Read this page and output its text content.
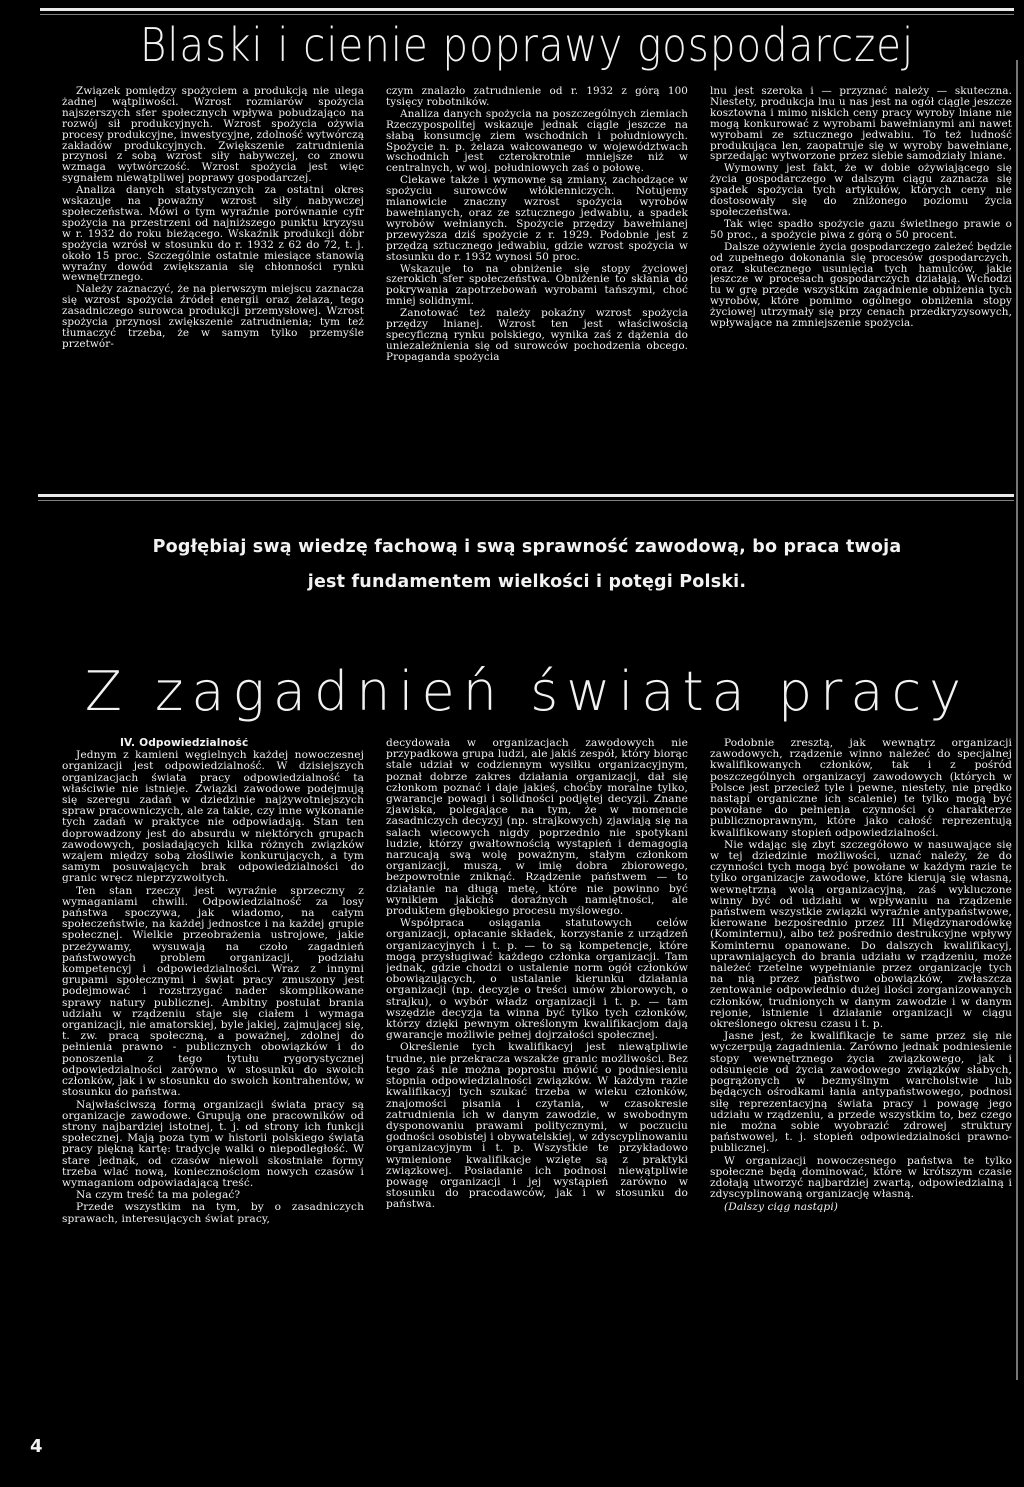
Blaski i cienie poprawy gospodarczej

Związek pomiędzy spożyciem a produkcją nie ulega żadnej wątpliwości. Wzrost rozmiarów spożycia najszerszych sfer społecznych wpływa pobudzająco na rozwój sił produkcyjnych. Wzrost spożycia ożywia procesy produkcyjne, inwestycyjne, zdolność wytwórczą zakładów produkcyjnych. Zwiększenie zatrudnienia przynosi z sobą wzrost siły nabywczej, co znowu wzmaga wytwórczość. Wzrost spożycia jest więc sygnałem niewątpliwej poprawy gospodarczej.

Analiza danych statystycznych za ostatni okres wskazuje na poważny wzrost siły nabywczej społeczeństwa. Mówi o tym wyraźnie porównanie cyfr spożycia na przestrzeni od najniższego punktu kryzysu w r. 1932 do roku bieżącego. Wskaźnik produkcji dóbr spożycia wzrósł w stosunku do r. 1932 z 62 do 72, t. j. około 15 proc. Szczególnie ostatnie miesiące stanowią wyraźny dowód zwiększania się chłonności rynku wewnętrznego.

Należy zaznaczyć, że na pierwszym miejscu zaznacza się wzrost spożycia źródeł energii oraz żelaza, tego zasadniczego surowca produkcji przemysłowej. Wzrost spożycia przynosi zwiększenie zatrudnienia; tym też tłumaczyć trzeba, że w samym tylko przemyśle przetwór-

czym znalazło zatrudnienie od r. 1932 z górą 100 tysięcy robotników.

Analiza danych spożycia na poszczególnych ziemiach Rzeczypospolitej wskazuje jednak ciągle jeszcze na słabą konsumcję ziem wschodnich i południowych. Spożycie n. p. żelaza wałcowanego w województwach wschodnich jest czterokrotnie mniejsze niż w centralnych, w woj. południowych zaś o połowę.

Ciekawe także i wymowne są zmiany, zachodzące w spożyciu surowców włókienniczych. Notujemy mianowicie znaczny wzrost spożycia wyrobów bawełnianych, oraz ze sztucznego jedwabiu, a spadek wyrobów wełnianych. Spożycie przędzy bawełnianej przewyższa dziś spożycie z r. 1929. Podobnie jest z przędzą sztucznego jedwabiu, gdzie wzrost spożycia w stosunku do r. 1932 wynosi 50 proc.

Wskazuje to na obniżenie się stopy życiowej szerokich sfer społeczeństwa. Obniżenie to skłania do pokrywania zapotrzebowań wyrobami tańszymi, choć mniej solidnymi.

Zanotować też należy pokaźny wzrost spożycia przędzy lnianej. Wzrost ten jest właściwością specyficzną rynku polskiego, wynika zaś z dążenia do uniezależnienia się od surowców pochodzenia obcego. Propaganda spożycia

lnu jest szeroka i — przyznać należy — skuteczna. Niestety, produkcja lnu u nas jest na ogół ciągle jeszcze kosztowna i mimo niskich ceny pracy wyroby lniane nie mogą konkurować z wyrobami bawełnianymi ani nawet wyrobami ze sztucznego jedwabiu. To też ludność produkująca len, zaopatruje się w wyroby bawełniane, sprzedając wytworzone przez siebie samodziały lniane.

Wymowny jest fakt, że w dobie ożywiającego się życia gospodarczego w dalszym ciągu zaznacza się spadek spożycia tych artykułów, których ceny nie dostosowały się do zniżonego poziomu życia społeczeństwa.

Tak więc spadło spożycie gazu świetlnego prawie o 50 proc., a spożycie piwa z górą o 50 procent.

Dalsze ożywienie życia gospodarczego zależeć będzie od zupełnego dokonania się procesów gospodarczych, oraz skutecznego usunięcia tych hamulców, jakie jeszcze w procesach gospodarczych działają. Wchodzi tu w grę przede wszystkim zagadnienie obniżenia tych wyrobów, które pomimo ogólnego obniżenia stopy życiowej utrzymały się przy cenach przedkryzysowych, wpływające na zmniejszenie spożycia.

Pogłębiaj swą wiedzę fachową i swą sprawność zawodową, bo praca twoja
jest fundamentem wielkości i potęgi Polski.
Z zagadnień świata pracy

IV. Odpowiedzialność

Jednym z kamieni węgielnych każdej nowoczesnej organizacji jest odpowiedzialność. W dzisiejszych organizacjach świata pracy odpowiedzialność ta właściwie nie istnieje. Związki zawodowe podejmują się szeregu zadań w dziedzinie najżywotniejszych spraw pracowniczych, ale za takie, czy inne wykonanie tych zadań w praktyce nie odpowiadają. Stan ten doprowadzony jest do absurdu w niektórych grupach zawodowych, posiadających kilka różnych związków wzajem między sobą złośliwie konkurujących, a tym samym posuwających brak odpowiedzialności do granic wręcz nieprzyzwoitych.

Ten stan rzeczy jest wyraźnie sprzeczny z wymaganiami chwili. Odpowiedzialność za losy państwa spoczywa, jak wiadomo, na całym społeczeństwie, na każdej jednostce i na każdej grupie społecznej. Wielkie przeobrażenia ustrojowe, jakie przeżywamy, wysuwają na czoło zagadnień państwowych problem organizacji, podziału kompetencyj i odpowiedzialności. Wraz z innymi grupami społecznymi i świat pracy zmuszony jest podejmować i rozstrzygać nader skomplikowane sprawy natury publicznej. Ambitny postulat brania udziału w rządzeniu staje się ciałem i wymaga organizacji, nie amatorskiej, byle jakiej, zajmującej się, t. zw. pracą społeczną, a poważnej, zdolnej do pełnienia prawno - publicznych obowiązków i do ponoszenia z tego tytułu rygorystycznej odpowiedzialności zarówno w stosunku do swoich członków, jak i w stosunku do swoich kontrahentów, w stosunku do państwa.

Najwłaściwszą formą organizacji świata pracy są organizacje zawodowe. Grupują one pracowników od strony najbardziej istotnej, t. j. od strony ich funkcji społecznej. Mają poza tym w historii polskiego świata pracy piękną kartę: tradycję walki o niepodległość. W stare jednak, od czasów niewoli skostniałe formy trzeba wlać nową, koniecznościom nowych czasów i wymaganiom odpowiadającą treść.

Na czym treść ta ma polegać?

Przede wszystkim na tym, by o zasadniczych sprawach, interesujących świat pracy,

decydowała w organizacjach zawodowych nie przypadkowa grupa ludzi, ale jakiś zespół, który biorąc stale udział w codziennym wysiłku organizacyjnym, poznał dobrze zakres działania organizacji, dał się członkom poznać i daje jakieś, choćby moralne tylko, gwarancje powagi i solidności podjętej decyzji. Znane zjawiska, polegające na tym, że w momencie zasadniczych decyzyj (np. strajkowych) zjawiają się na salach wiecowych nigdy poprzednio nie spotykani ludzie, którzy gwałtownością wystąpień i demagogią narzucają swą wolę poważnym, stałym członkom organizacji, muszą, w imię dobra zbiorowego, bezpowrotnie zniknąć. Rządzenie państwem — to działanie na długą metę, które nie powinno być wynikiem jakichś doraźnych namiętności, ale produktem głębokiego procesu myślowego.

Współpraca osiągania statutowych celów organizacji, opłacanie składek, korzystanie z urządzeń organizacyjnych i t. p. — to są kompetencje, które mogą przysługiwać każdego członka organizacji. Tam jednak, gdzie chodzi o ustalenie norm ogół członków obowiązujących, o ustalanie kierunku działania organizacji (np. decyzje o treści umów zbiorowych, o strajku), o wybór władz organizacji i t. p. — tam wszędzie decyzja ta winna być tylko tych członków, którzy dzięki pewnym określonym kwalifikacjom dają gwarancje możliwie pełnej dojrzałości społecznej.

Określenie tych kwalifikacyj jest niewątpliwie trudne, nie przekracza wszakże granic możliwości. Bez tego zaś nie można poprostu mówić o podniesieniu stopnia odpowiedzialności związków. W każdym razie kwalifikacyj tych szukać trzeba w wieku członków, znajomości pisania i czytania, w czasokresie zatrudnienia ich w danym zawodzie, w swobodnym dysponowaniu prawami politycznymi, w poczuciu godności osobistej i obywatelskiej, w zdyscyplinowaniu organizacyjnym i t. p. Wszystkie te przykładowo wymienione kwalifikacje wzięte są z praktyki związkowej. Posiadanie ich podnosi niewątpliwie powagę organizacji i jej wystąpień zarówno w stosunku do pracodawców, jak i w stosunku do państwa.

Podobnie zresztą, jak wewnątrz organizacji zawodowych, rządzenie winno należeć do specjalnej kwalifikowanych członków, tak i z pośród poszczególnych organizacyj zawodowych (których w Polsce jest przecież tyle i pewne, niestety, nie prędko nastąpi organiczne ich scalenie) te tylko mogą być powołane do pełnienia czynności o charakterze publicznoprawnym, które jako całość reprezentują kwalifikowany stopień odpowiedzialności.

Nie wdając się zbyt szczegółowo w nasuwające się w tej dziedzinie możliwości, uznać należy, że do czynności tych mogą być powołane w każdym razie te tylko organizacje zawodowe, które kierują się własną, wewnętrzną wolą organizacyjną, zaś wykluczone winny być od udziału w wpływaniu na rządzenie państwem wszystkie związki wyraźnie antypaństwowe, kierowane bezpośrednio przez III Międzynarodówkę (Kominternu), albo też pośrednio destrukcyjne wpływy Kominternu opanowane. Do dalszych kwalifikacyj, uprawniających do brania udziału w rządzeniu, może należeć rzetelne wypełnianie przez organizację tych na nią przez państwo obowiązków, zwłaszcza zentowanie odpowiednio dużej ilości zorganizowanych członków, trudnionych w danym zawodzie i w danym rejonie, istnienie i działanie organizacji w ciągu określonego okresu czasu i t. p.

Jasne jest, że kwalifikacje te same przez się nie wyczerpują zagadnienia. Zarówno jednak podniesienie stopy wewnętrznego życia związkowego, jak i odsunięcie od życia zawodowego związków słabych, pogrążonych w bezmyślnym warcholstwie lub będących ośrodkami łania antypaństwowego, podnosi siłę reprezentacyjną świata pracy i powagę jego udziału w rządzeniu, a przede wszystkim to, bez czego nie można sobie wyobrazić zdrowej struktury państwowej, t. j. stopień odpowiedzialności prawno-publicznej.

W organizacji nowoczesnego państwa te tylko społeczne będą dominować, które w krótszym czasie zdołają utworzyć najbardziej zwartą, odpowiedzialną i zdyscyplinowaną organizację własną.

(Dalszy ciąg nastąpi)

4
